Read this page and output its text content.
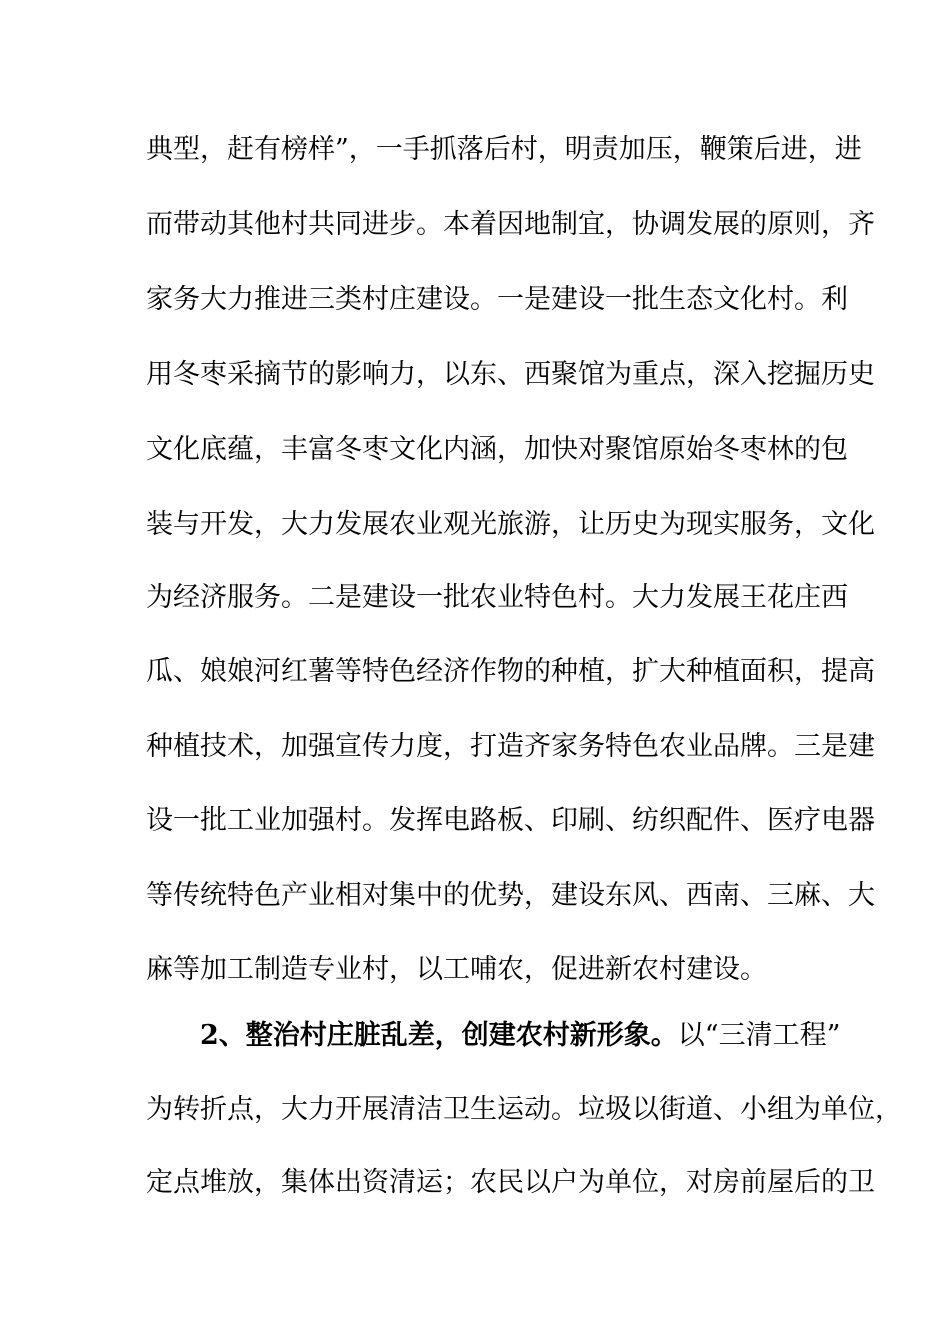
典型，赶有榜样”，一手抓落后村，明责加压，鞭策后进，进
而带动其他村共同进步。本着因地制宜，协调发展的原则，齐
家务大力推进三类村庄建设。一是建设一批生态文化村。利
用冬枣采摘节的影响力，以东、西聚馆为重点，深入挖掘历史
文化底蕴，丰富冬枣文化内涵，加快对聚馆原始冬枣林的包
装与开发，大力发展农业观光旅游，让历史为现实服务，文化
为经济服务。二是建设一批农业特色村。大力发展王花庄西
瓜、娘娘河红薯等特色经济作物的种植，扩大种植面积，提高
种植技术，加强宣传力度，打造齐家务特色农业品牌。三是建
设一批工业加强村。发挥电路板、印刷、纺织配件、医疗电器
等传统特色产业相对集中的优势，建设东风、西南、三麻、大
麻等加工制造专业村，以工哺农，促进新农村建设。
2、整治村庄脏乱差，创建农村新形象。以“三清工程”
为转折点，大力开展清洁卫生运动。垃圾以街道、小组为单位，
定点堆放，集体出资清运；农民以户为单位，对房前屋后的卫
